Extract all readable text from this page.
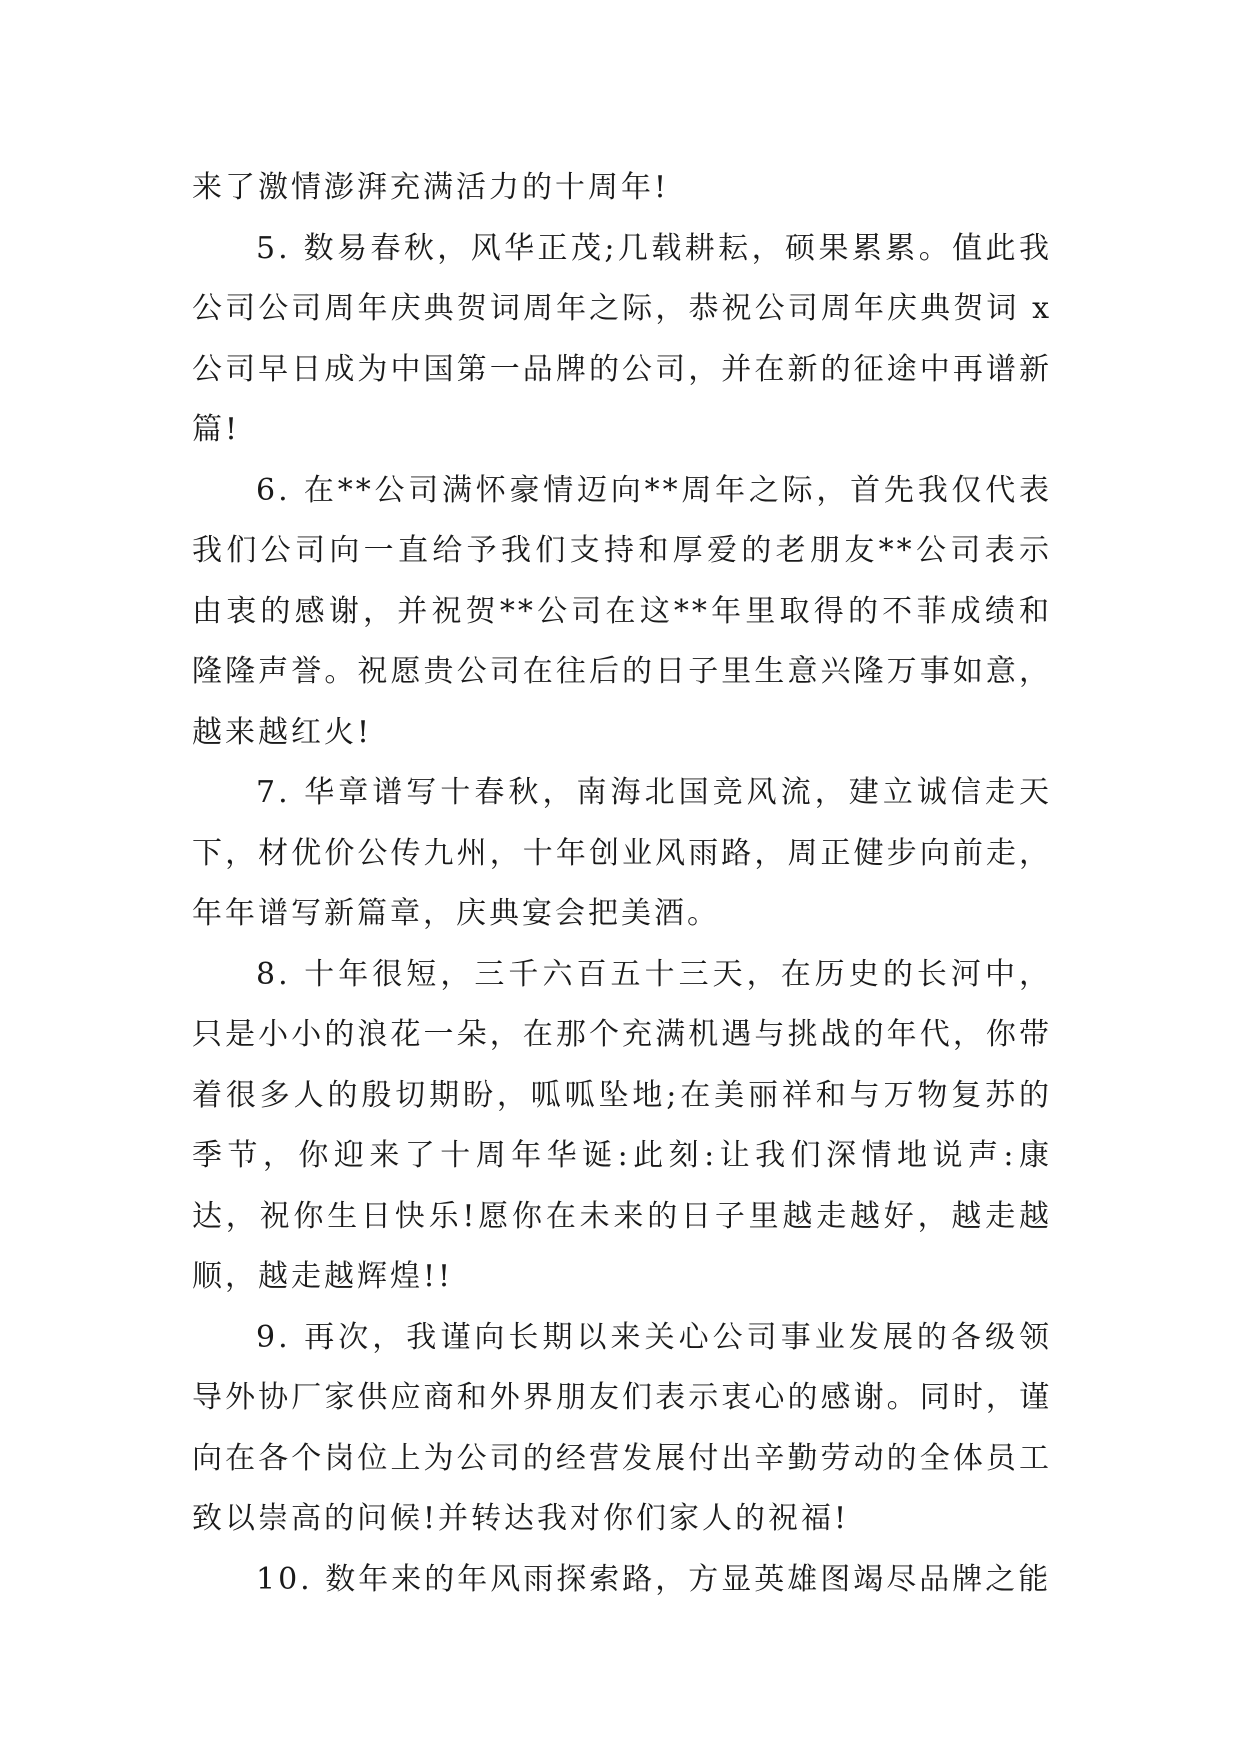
来了激情澎湃充满活力的十周年!

5. 数易春秋，风华正茂;几载耕耘，硕果累累。值此我公司公司周年庆典贺词周年之际，恭祝公司周年庆典贺词 x 公司早日成为中国第一品牌的公司，并在新的征途中再谱新篇!

6. 在**公司满怀豪情迈向**周年之际，首先我仅代表我们公司向一直给予我们支持和厚爱的老朋友**公司表示由衷的感谢，并祝贺**公司在这**年里取得的不菲成绩和隆隆声誉。祝愿贵公司在往后的日子里生意兴隆万事如意，越来越红火!

7. 华章谱写十春秋，南海北国竞风流，建立诚信走天下，材优价公传九州，十年创业风雨路，周正健步向前走，年年谱写新篇章，庆典宴会把美酒。

8. 十年很短，三千六百五十三天，在历史的长河中，只是小小的浪花一朵，在那个充满机遇与挑战的年代，你带着很多人的殷切期盼，呱呱坠地;在美丽祥和与万物复苏的季节，你迎来了十周年华诞:此刻:让我们深情地说声:康达，祝你生日快乐!愿你在未来的日子里越走越好，越走越顺，越走越辉煌!!

9. 再次，我谨向长期以来关心公司事业发展的各级领导外协厂家供应商和外界朋友们表示衷心的感谢。同时，谨向在各个岗位上为公司的经营发展付出辛勤劳动的全体员工致以崇高的问候!并转达我对你们家人的祝福!

10. 数年来的年风雨探索路，方显英雄图竭尽品牌之能
